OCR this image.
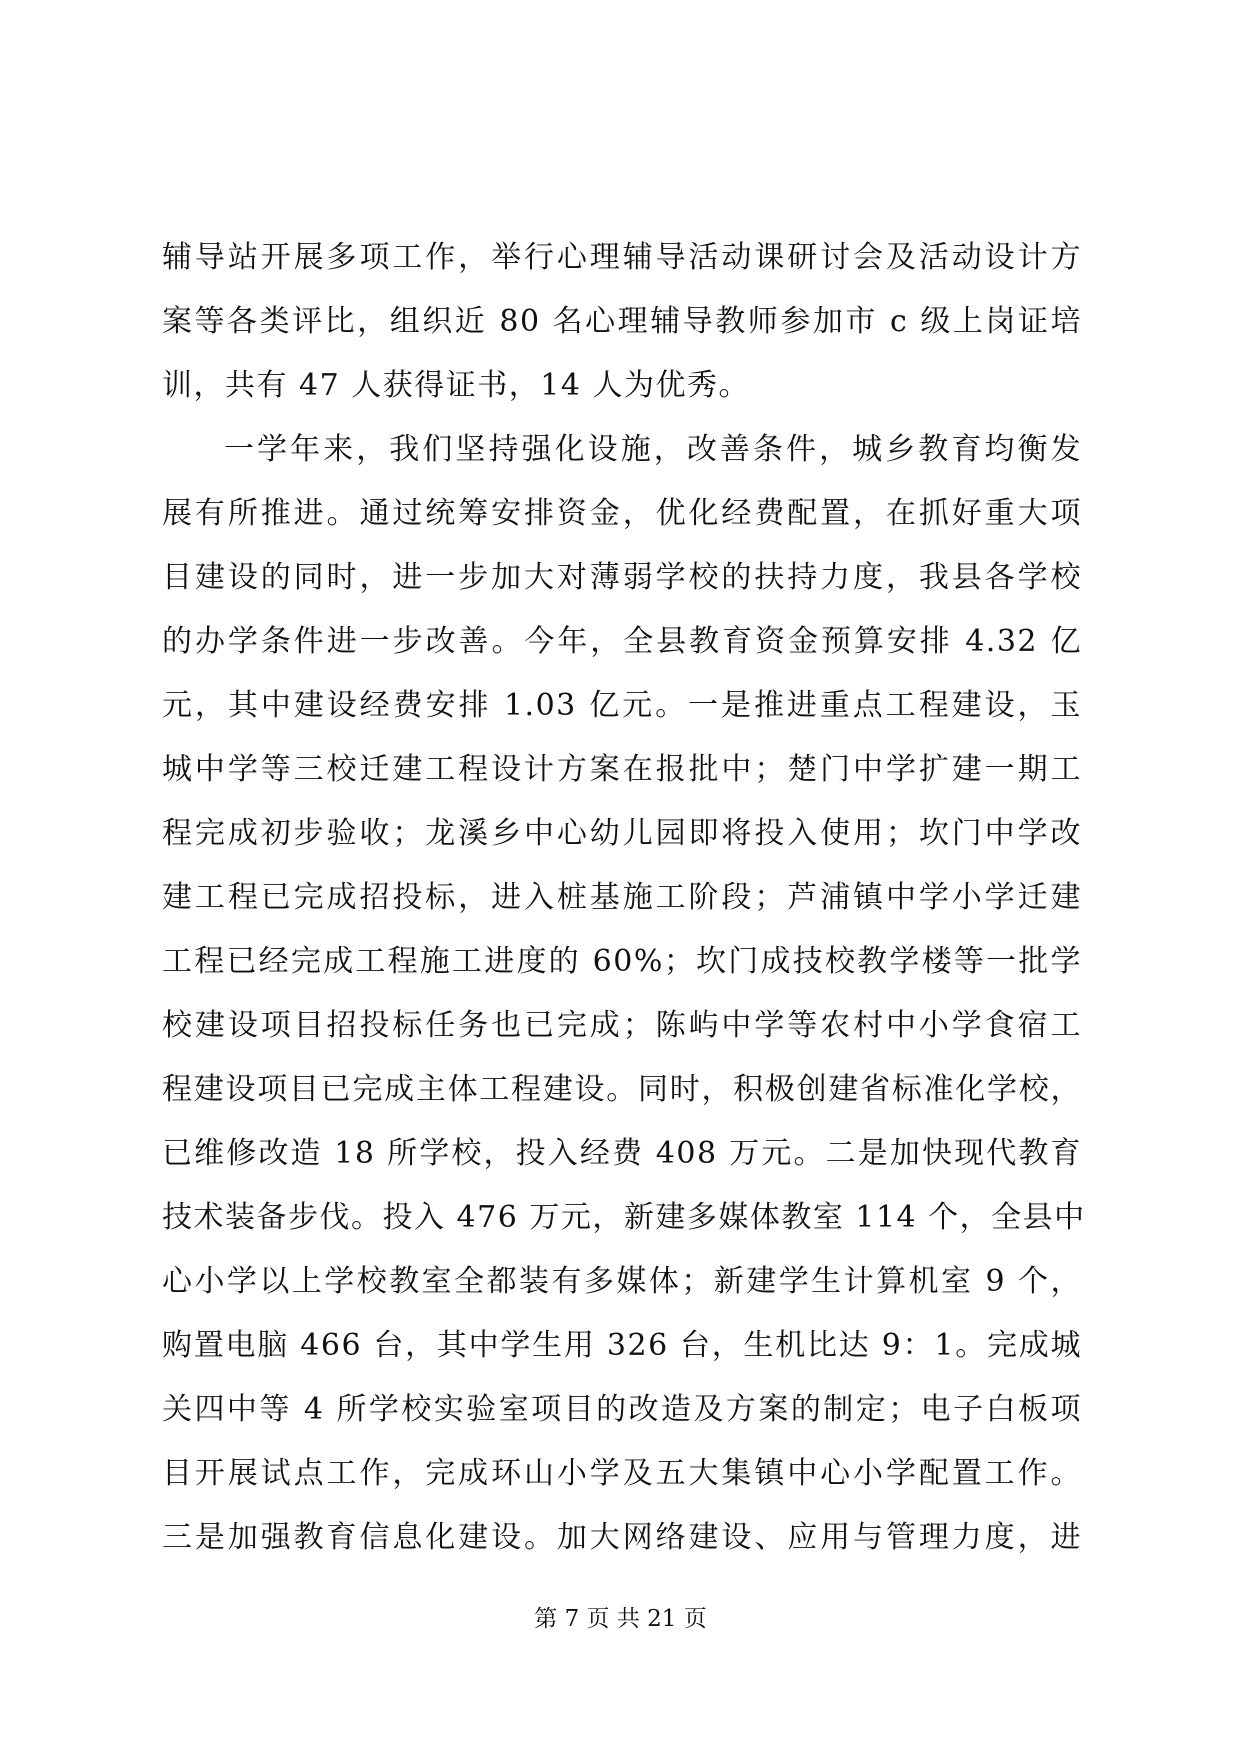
辅导站开展多项工作，举行心理辅导活动课研讨会及活动设计方
案等各类评比，组织近 80 名心理辅导教师参加市 c 级上岗证培
训，共有 47 人获得证书，14 人为优秀。
一学年来，我们坚持强化设施，改善条件，城乡教育均衡发
展有所推进。通过统筹安排资金，优化经费配置，在抓好重大项
目建设的同时，进一步加大对薄弱学校的扶持力度，我县各学校
的办学条件进一步改善。今年，全县教育资金预算安排 4.32 亿
元，其中建设经费安排 1.03 亿元。一是推进重点工程建设，玉
城中学等三校迁建工程设计方案在报批中；楚门中学扩建一期工
程完成初步验收；龙溪乡中心幼儿园即将投入使用；坎门中学改
建工程已完成招投标，进入桩基施工阶段；芦浦镇中学小学迁建
工程已经完成工程施工进度的 60%；坎门成技校教学楼等一批学
校建设项目招投标任务也已完成；陈屿中学等农村中小学食宿工
程建设项目已完成主体工程建设。同时，积极创建省标准化学校，
已维修改造 18 所学校，投入经费 408 万元。二是加快现代教育
技术装备步伐。投入 476 万元，新建多媒体教室 114 个，全县中
心小学以上学校教室全都装有多媒体；新建学生计算机室 9 个，
购置电脑 466 台，其中学生用 326 台，生机比达 9：1。完成城
关四中等 4 所学校实验室项目的改造及方案的制定；电子白板项
目开展试点工作，完成环山小学及五大集镇中心小学配置工作。
三是加强教育信息化建设。加大网络建设、应用与管理力度，进
第 7 页 共 21 页
